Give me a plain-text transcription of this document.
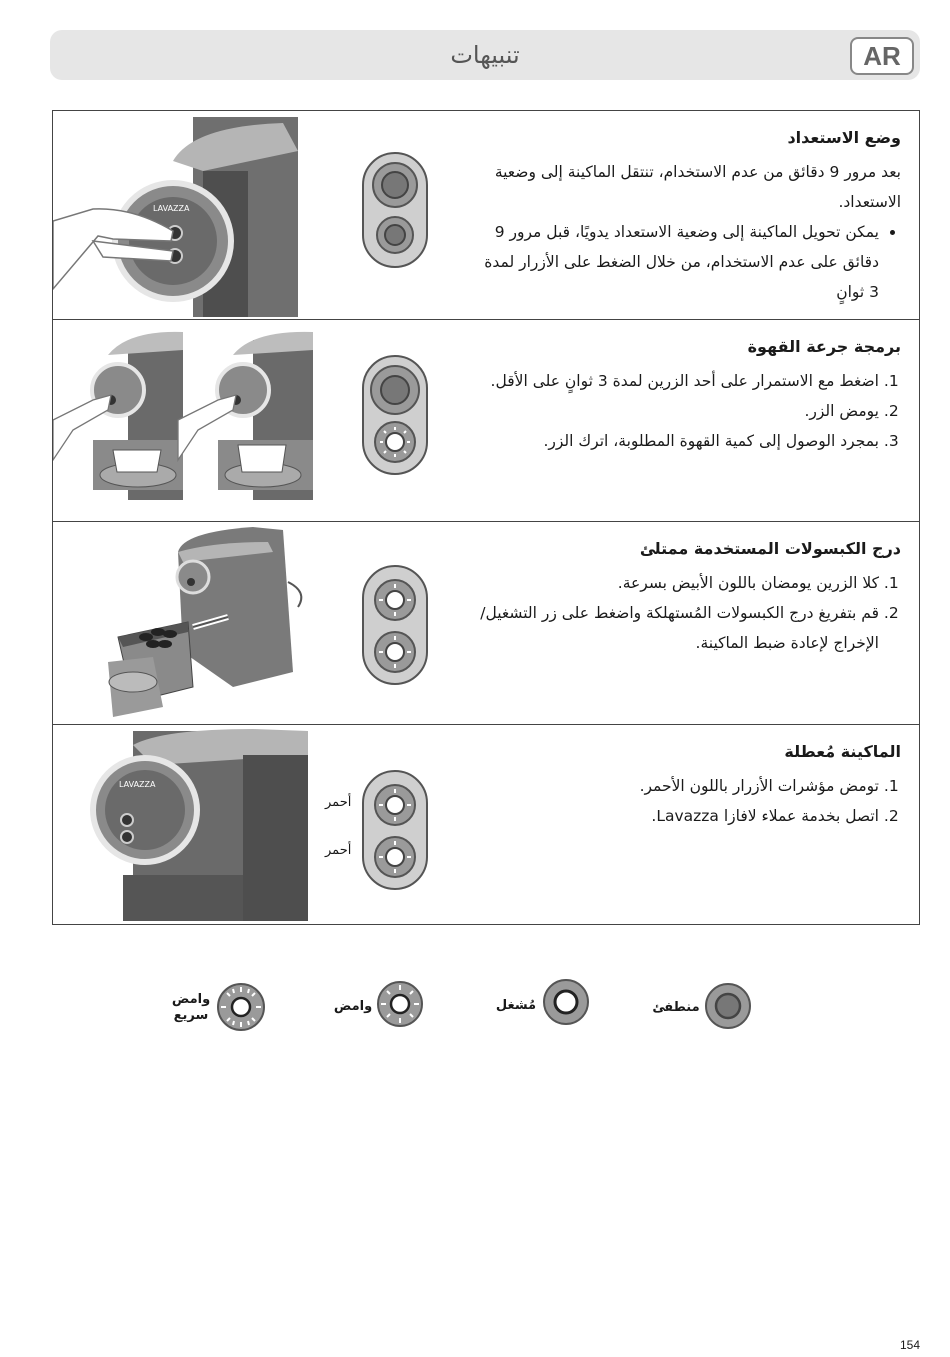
تنبيهات	AR
LAVAZZA
وضع الاستعداد

بعد مرور 9 دقائق من عدم الاستخدام، تنتقل الماكينة إلى وضعية الاستعداد.

• يمكن تحويل الماكينة إلى وضعية الاستعداد يدويًا، قبل مرور 9 دقائق على عدم الاستخدام، من خلال الضغط على الأزرار لمدة 3 ثوانٍ
برمجة جرعة القهوة
1. اضغط مع الاستمرار على أحد الزرين لمدة 3 ثوانٍ على الأقل.
2. يومض الزر.
3. بمجرد الوصول إلى كمية القهوة المطلوبة، اترك الزر.
درج الكبسولات المستخدمة ممتلئ
1. كلا الزرين يومضان باللون الأبيض بسرعة.
2. قم بتفريغ درج الكبسولات المُستهلكة واضغط على زر التشغيل/الإخراج لإعادة ضبط الماكينة.
LAVAZZA
أحمر
أحمر
الماكينة مُعطلة
1. تومض مؤشرات الأزرار باللون الأحمر.
2. اتصل بخدمة عملاء لافازا Lavazza.
منطفئ
مُشغل
وامض
وامض سريع
154
